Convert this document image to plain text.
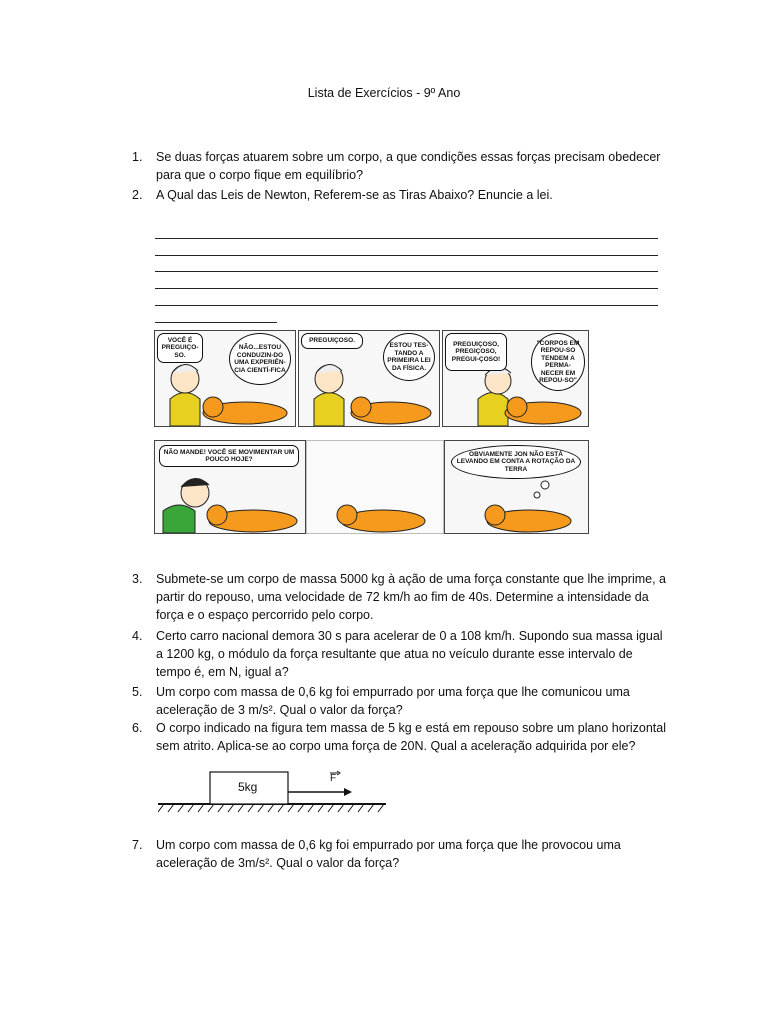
Lista de Exercícios - 9º Ano
1.	Se duas forças atuarem sobre um corpo, a que condições essas forças precisam obedecer para que o corpo fique em equilíbrio?
2.	A Qual das Leis de Newton, Referem-se as Tiras Abaixo? Enuncie a lei.
VOCÊ É PREGUIÇO-SO.
NÃO...ESTOU CONDUZIN-DO UMA EXPERIÊN-CIA CIENTÍ-FICA
PREGUIÇOSO.
ESTOU TES-TANDO A PRIMEIRA LEI DA FÍSICA.
PREGUIÇOSO, PREGIÇOSO, PREGUI-ÇOSO!
"CORPOS EM REPOU-SO TENDEM A PERMA-NECER EM REPOU-SO"
NÃO MANDE! VOCÊ SE MOVIMENTAR UM POUCO HOJE?
OBVIAMENTE JON NÃO ESTÁ LEVANDO EM CONTA A ROTAÇÃO DA TERRA
3.	Submete-se um corpo de massa 5000 kg à ação de uma força constante que lhe imprime, a partir do repouso, uma velocidade de 72 km/h ao fim de 40s. Determine a intensidade da força e o espaço percorrido pelo corpo.
4.	Certo carro nacional demora 30 s para acelerar de 0 a 108 km/h. Supondo sua massa igual a 1200 kg, o módulo da força resultante que atua no veículo durante esse intervalo de tempo é, em N, igual a?
5.	Um corpo com massa de 0,6 kg foi empurrado por uma força que lhe comunicou uma aceleração de 3 m/s². Qual o valor da força?
6.	O corpo indicado na figura tem massa de 5 kg e está em repouso sobre um plano horizontal sem atrito. Aplica-se ao corpo uma força de 20N. Qual a aceleração adquirida por ele?
5kg
F
7.	Um corpo com massa de 0,6 kg foi empurrado por uma força que lhe provocou uma aceleração de 3m/s². Qual o valor da força?
